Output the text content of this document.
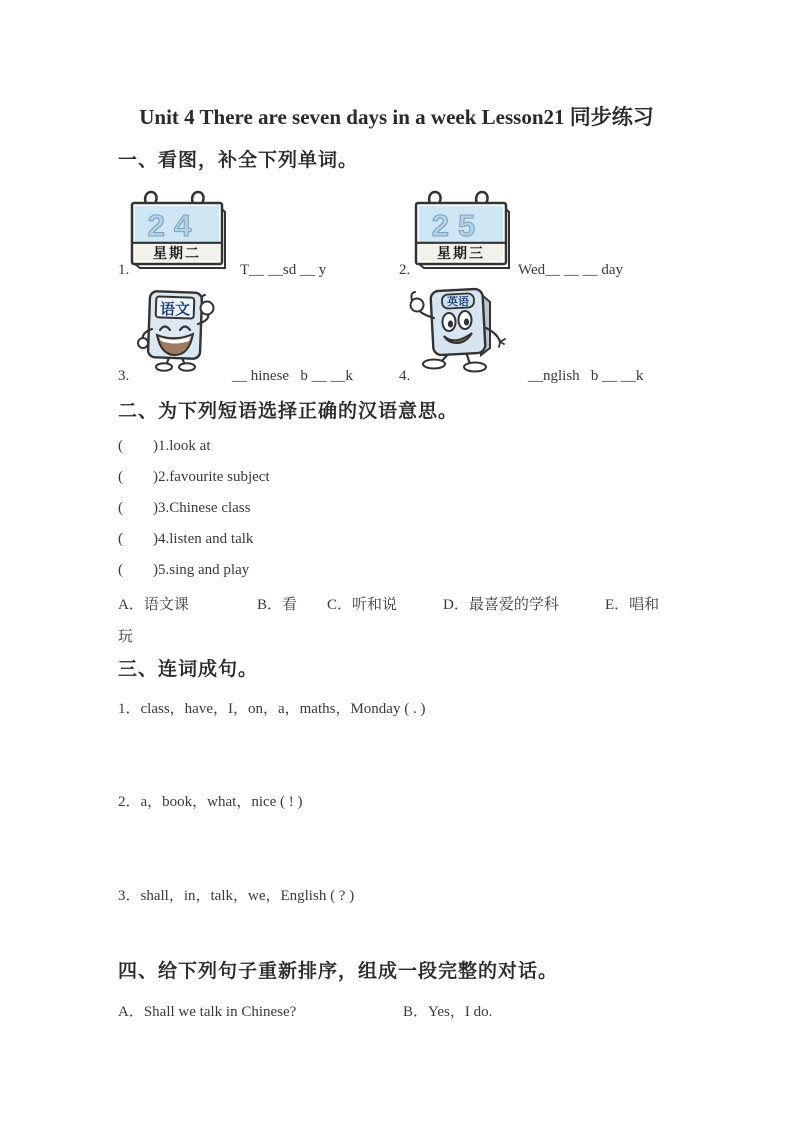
Unit 4 There are seven days in a week Lesson21 同步练习
一、看图，补全下列单词。
24
星期二
25
星期三
1.	T__ __sd __ y	2.	Wed__ __ __ day
语文	英语
3.	__ hinese   b __ __k	4.	__nglish   b __ __k
二、为下列短语选择正确的汉语意思。
(        )1.look at
(        )2.favourite subject
(        )3.Chinese class
(        )4.listen and talk
(        )5.sing and play
A．语文课	B．看 C．听和说	D．最喜爱的学科	E．唱和
玩
三、连词成句。
1．class，have，I，on，a，maths，Monday ( . )
2．a，book，what，nice ( ! )
3．shall，in，talk，we，English ( ? )
四、给下列句子重新排序，组成一段完整的对话。
A．Shall we talk in Chinese?	B．Yes，I do.
